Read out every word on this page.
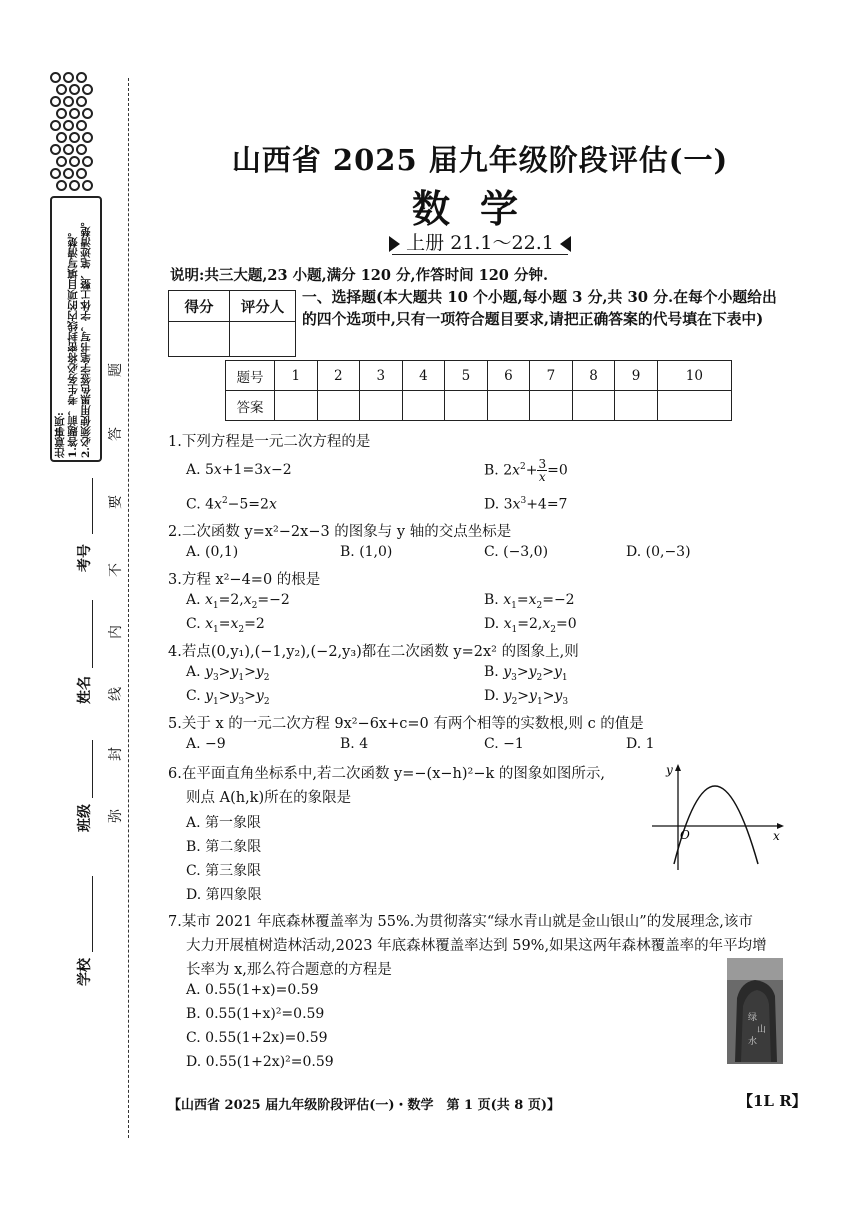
注意事项:
1.答题前，考生务必将密封线内的项目填写清楚。
2.必须使用黑色签字笔书写，字体工整、笔迹清楚。	题
答
要
不
内
线
封
弥
考号
姓名
班级
学校
山西省 2025 届九年级阶段评估(一)
数学
上册 21.1～22.1
说明:共三大题,23 小题,满分 120 分,作答时间 120 分钟.
得分	评分人

一、选择题(本大题共 10 个小题,每小题 3 分,共 30 分.在每个小题给出的四个选项中,只有一项符合题目要求,请把正确答案的代号填在下表中)
题号	1	2	3	4	5	6	7	8	9	10
答案										
1.下列方程是一元二次方程的是
A. 5x+1=3x−2	B. $2x^2+ \frac{3}{x} =0$
C. $4x^2-5=2x$	D. $3x^3+4=7$
2.二次函数 y=x²−2x−3 的图象与 y 轴的交点坐标是
A. (0,1)	B. (1,0)	C. (−3,0)	D. (0,−3)
3.方程 x²−4=0 的根是
A. $x_1=2,x_2=-2$	B. $x_1=x_2=-2$
C. $x_1=x_2=2$	D. $x_1=2,x_2=0$
4.若点(0,y₁),(−1,y₂),(−2,y₃)都在二次函数 y=2x² 的图象上,则
A. $y_3>y_1>y_2$	B. $y_3>y_2>y_1$
C. $y_1>y_3>y_2$	D. $y_2>y_1>y_3$
5.关于 x 的一元二次方程 9x²−6x+c=0 有两个相等的实数根,则 c 的值是
A. −9	B. 4	C. −1	D. 1
6.在平面直角坐标系中,若二次函数 y=−(x−h)²−k 的图象如图所示,
则点 A(h,k)所在的象限是
A. 第一象限
B. 第二象限
C. 第三象限
D. 第四象限
y
x
O
7.某市 2021 年底森林覆盖率为 55%.为贯彻落实“绿水青山就是金山银山”的发展理念,该市
大力开展植树造林活动,2023 年底森林覆盖率达到 59%,如果这两年森林覆盖率的年平均增
长率为 x,那么符合题意的方程是
A. 0.55(1+x)=0.59
B. 0.55(1+x)²=0.59
C. 0.55(1+2x)=0.59
D. 0.55(1+2x)²=0.59
绿
山
水
【山西省 2025 届九年级阶段评估(一)・数学　第 1 页(共 8 页)】	【1L R】
